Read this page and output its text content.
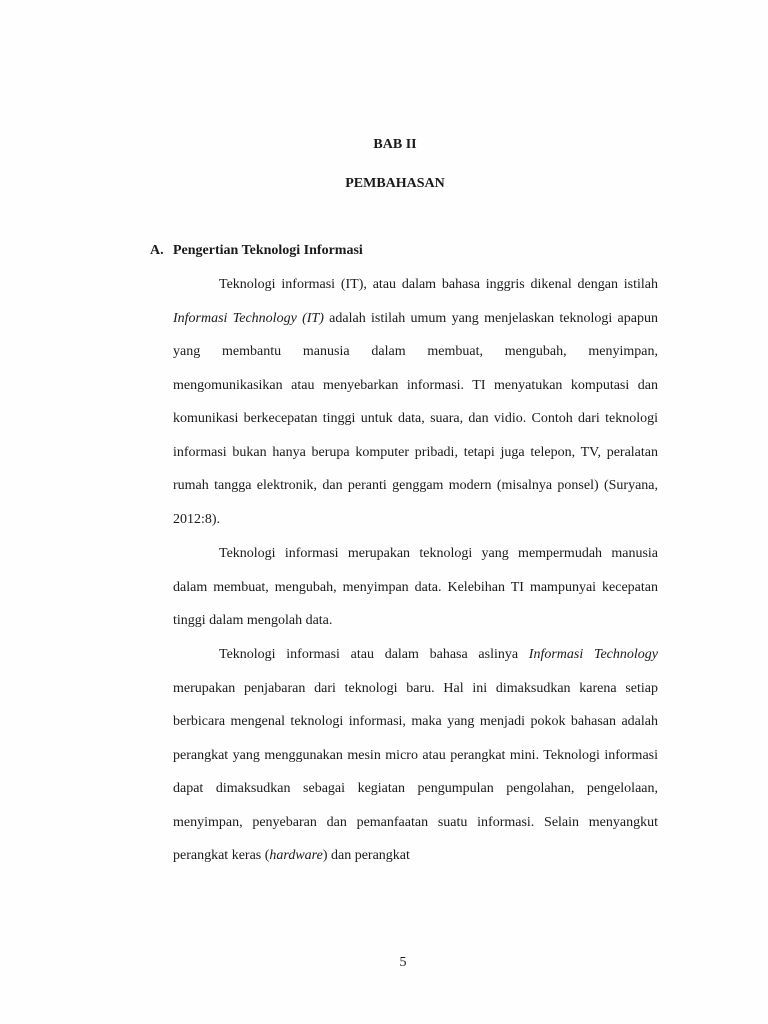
BAB II
PEMBAHASAN
A. Pengertian Teknologi Informasi

Teknologi informasi (IT), atau dalam bahasa inggris dikenal dengan istilah Informasi Technology (IT) adalah istilah umum yang menjelaskan teknologi apapun yang membantu manusia dalam membuat, mengubah, menyimpan, mengomunikasikan atau menyebarkan informasi. TI menyatukan komputasi dan komunikasi berkecepatan tinggi untuk data, suara, dan vidio. Contoh dari teknologi informasi bukan hanya berupa komputer pribadi, tetapi juga telepon, TV, peralatan rumah tangga elektronik, dan peranti genggam modern (misalnya ponsel) (Suryana, 2012:8).

Teknologi informasi merupakan teknologi yang mempermudah manusia dalam membuat, mengubah, menyimpan data. Kelebihan TI mampunyai kecepatan tinggi dalam mengolah data.

Teknologi informasi atau dalam bahasa aslinya Informasi Technology merupakan penjabaran dari teknologi baru. Hal ini dimaksudkan karena setiap berbicara mengenal teknologi informasi, maka yang menjadi pokok bahasan adalah perangkat yang menggunakan mesin micro atau perangkat mini. Teknologi informasi dapat dimaksudkan sebagai kegiatan pengumpulan pengolahan, pengelolaan, menyimpan, penyebaran dan pemanfaatan suatu informasi. Selain menyangkut perangkat keras (hardware) dan perangkat

5
